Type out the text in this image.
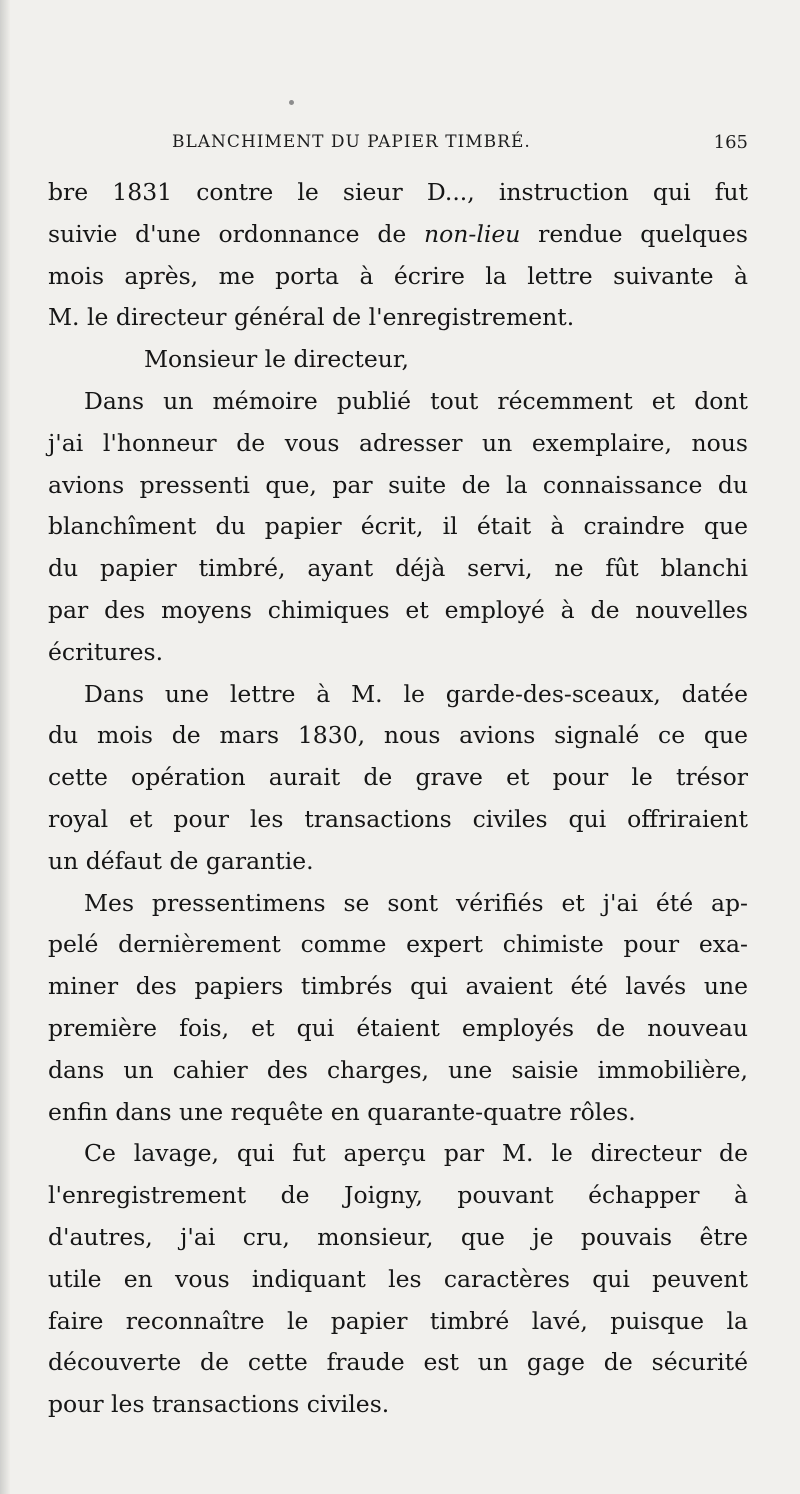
BLANCHIMENT DU PAPIER TIMBRÉ.	165

bre 1831 contre le sieur D..., instruction qui fut
suivie d'une ordonnance de non-lieu rendue quelques
mois après, me porta à écrire la lettre suivante à
M. le directeur général de l'enregistrement.

Monsieur le directeur,

Dans un mémoire publié tout récemment et dont
j'ai l'honneur de vous adresser un exemplaire, nous
avions pressenti que, par suite de la connaissance du
blanchîment du papier écrit, il était à craindre que
du papier timbré, ayant déjà servi, ne fût blanchi
par des moyens chimiques et employé à de nouvelles
écritures.

Dans une lettre à M. le garde-des-sceaux, datée
du mois de mars 1830, nous avions signalé ce que
cette opération aurait de grave et pour le trésor
royal et pour les transactions civiles qui offriraient
un défaut de garantie.

Mes pressentimens se sont vérifiés et j'ai été ap-
pelé dernièrement comme expert chimiste pour exa-
miner des papiers timbrés qui avaient été lavés une
première fois, et qui étaient employés de nouveau
dans un cahier des charges, une saisie immobilière,
enfin dans une requête en quarante-quatre rôles.

Ce lavage, qui fut aperçu par M. le directeur de
l'enregistrement de Joigny, pouvant échapper à
d'autres, j'ai cru, monsieur, que je pouvais être
utile en vous indiquant les caractères qui peuvent
faire reconnaître le papier timbré lavé, puisque la
découverte de cette fraude est un gage de sécurité
pour les transactions civiles.
